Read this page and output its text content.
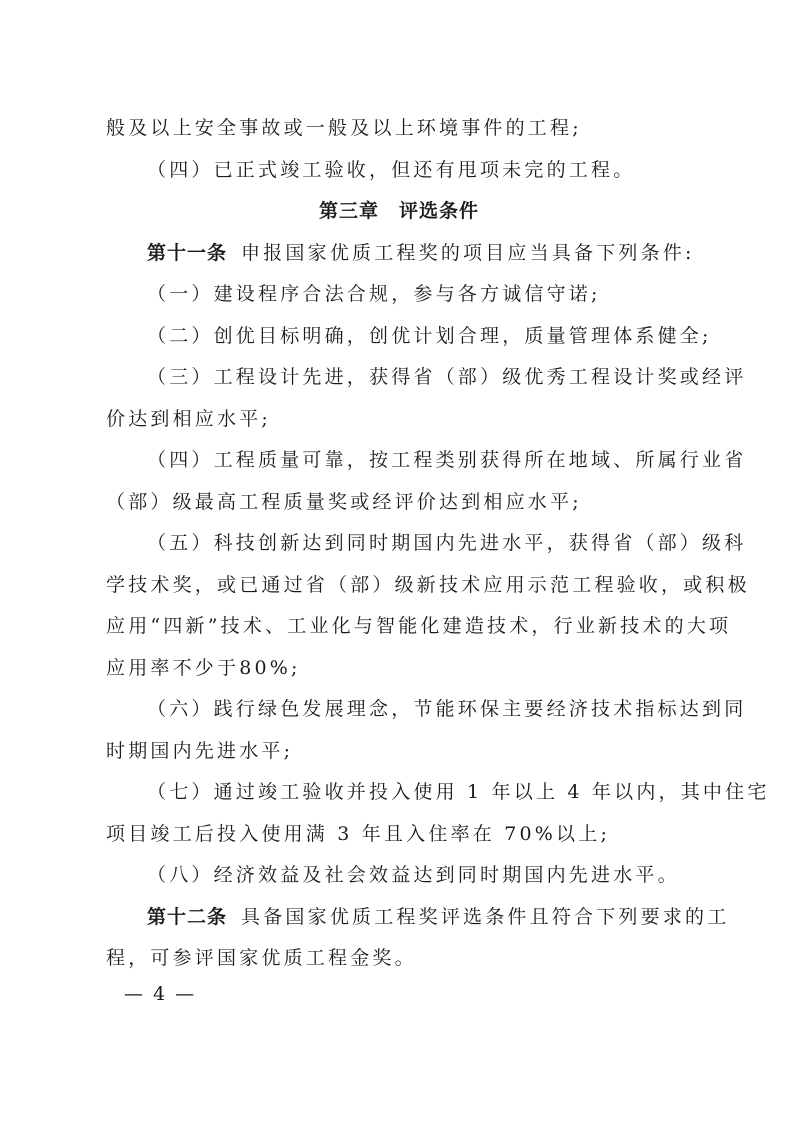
般及以上安全事故或一般及以上环境事件的工程;
（四）已正式竣工验收，但还有甩项未完的工程。
第三章　评选条件
第十一条 申报国家优质工程奖的项目应当具备下列条件:
（一）建设程序合法合规，参与各方诚信守诺;
（二）创优目标明确，创优计划合理，质量管理体系健全;
（三）工程设计先进，获得省（部）级优秀工程设计奖或经评
价达到相应水平;
（四）工程质量可靠，按工程类别获得所在地域、所属行业省
（部）级最高工程质量奖或经评价达到相应水平;
（五）科技创新达到同时期国内先进水平，获得省（部）级科
学技术奖，或已通过省（部）级新技术应用示范工程验收，或积极
应用“四新”技术、工业化与智能化建造技术，行业新技术的大项
应用率不少于80%;
（六）践行绿色发展理念，节能环保主要经济技术指标达到同
时期国内先进水平;
（七）通过竣工验收并投入使用 1 年以上 4 年以内，其中住宅
项目竣工后投入使用满 3 年且入住率在 70%以上;
（八）经济效益及社会效益达到同时期国内先进水平。
第十二条 具备国家优质工程奖评选条件且符合下列要求的工
程，可参评国家优质工程金奖。
— 4 —
